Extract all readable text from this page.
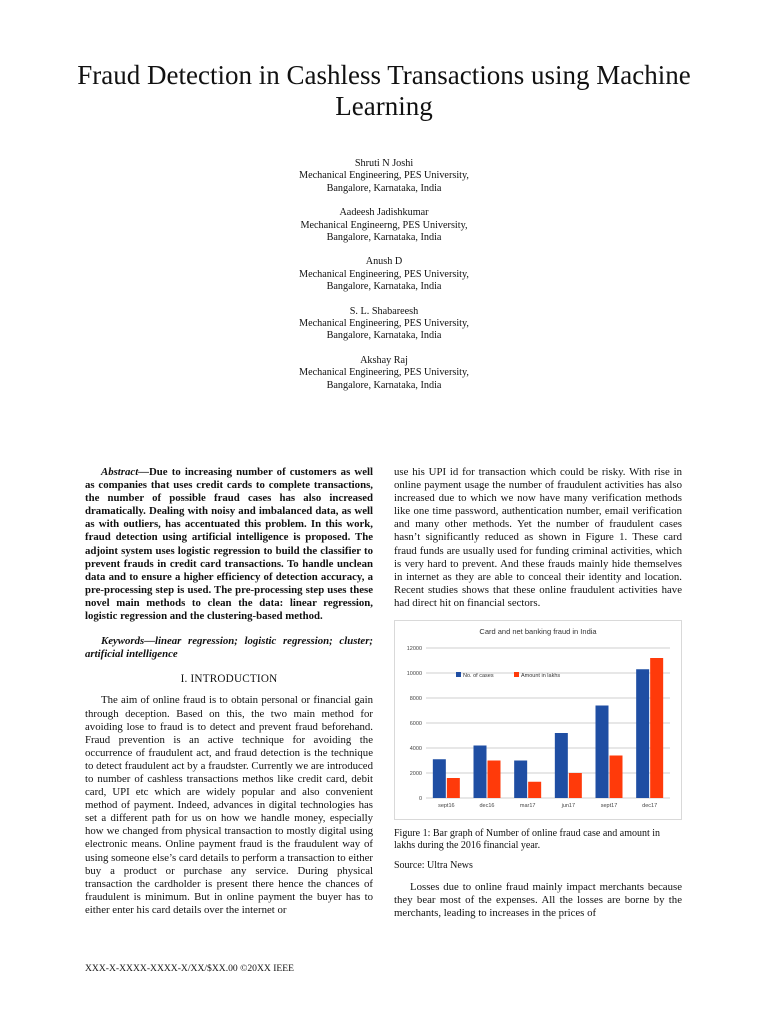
Fraud Detection in Cashless Transactions using Machine Learning
Shruti N Joshi
Mechanical Engineering, PES University,
Bangalore, Karnataka, India
Aadeesh Jadishkumar
Mechanical Engineerng, PES University,
Bangalore, Karnataka, India
Anush D
Mechanical Engineering, PES University,
Bangalore, Karnataka, India
S. L. Shabareesh
Mechanical Engineering, PES University,
Bangalore, Karnataka, India
Akshay Raj
Mechanical Engineering, PES University,
Bangalore, Karnataka, India

Abstract—Due to increasing number of customers as well as companies that uses credit cards to complete transactions, the number of possible fraud cases has also increased dramatically. Dealing with noisy and imbalanced data, as well as with outliers, has accentuated this problem. In this work, fraud detection using artificial intelligence is proposed. The adjoint system uses logistic regression to build the classifier to prevent frauds in credit card transactions. To handle unclean data and to ensure a higher efficiency of detection accuracy, a pre-processing step is used. The pre-processing step uses these novel main methods to clean the data: linear regression, logistic regression and the clustering-based method.

Keywords—linear regression; logistic regression; cluster; artificial intelligence

I. INTRODUCTION

The aim of online fraud is to obtain personal or financial gain through deception. Based on this, the two main method for avoiding lose to fraud is to detect and prevent fraud beforehand. Fraud prevention is an active technique for avoiding the occurrence of fraudulent act, and fraud detection is the technique to detect fraudulent act by a fraudster. Currently we are introduced to number of cashless transactions methos like credit card, debit card, UPI etc which are widely popular and also convenient method of payment. Indeed, advances in digital technologies has set a different path for us on how we handle money, especially how we changed from physical transaction to mostly digital using electronic means. Online payment fraud is the fraudulent way of using someone else’s card details to perform a transaction to either buy a product or purchase any service. During physical transaction the cardholder is present there hence the chances of fraudulent is minimum. But in online payment the buyer has to either enter his card details over the internet or

use his UPI id for transaction which could be risky. With rise in online payment usage the number of fraudulent activities has also increased due to which we now have many verification methods like one time password, authentication number, email verification and many other methods. Yet the number of fraudulent cases hasn’t significantly reduced as shown in Figure 1. These card fraud funds are usually used for funding criminal activities, which is very hard to prevent. And these frauds mainly hide themselves in internet as they are able to conceal their identity and location. Recent studies shows that these online fraudulent activities have had direct hit on financial sectors.

Card and net banking fraud in India
0
2000
4000
6000
8000
10000
12000
sept16	dec16	mar17	jun17	sept17	dec17
No. of cases	Amount in lakhs

Figure 1: Bar graph of Number of online fraud case and amount in lakhs during the 2016 financial year.

Source: Ultra News

Losses due to online fraud mainly impact merchants because they bear most of the expenses. All the losses are borne by the merchants, leading to increases in the prices of

XXX-X-XXXX-XXXX-X/XX/$XX.00 ©20XX IEEE
